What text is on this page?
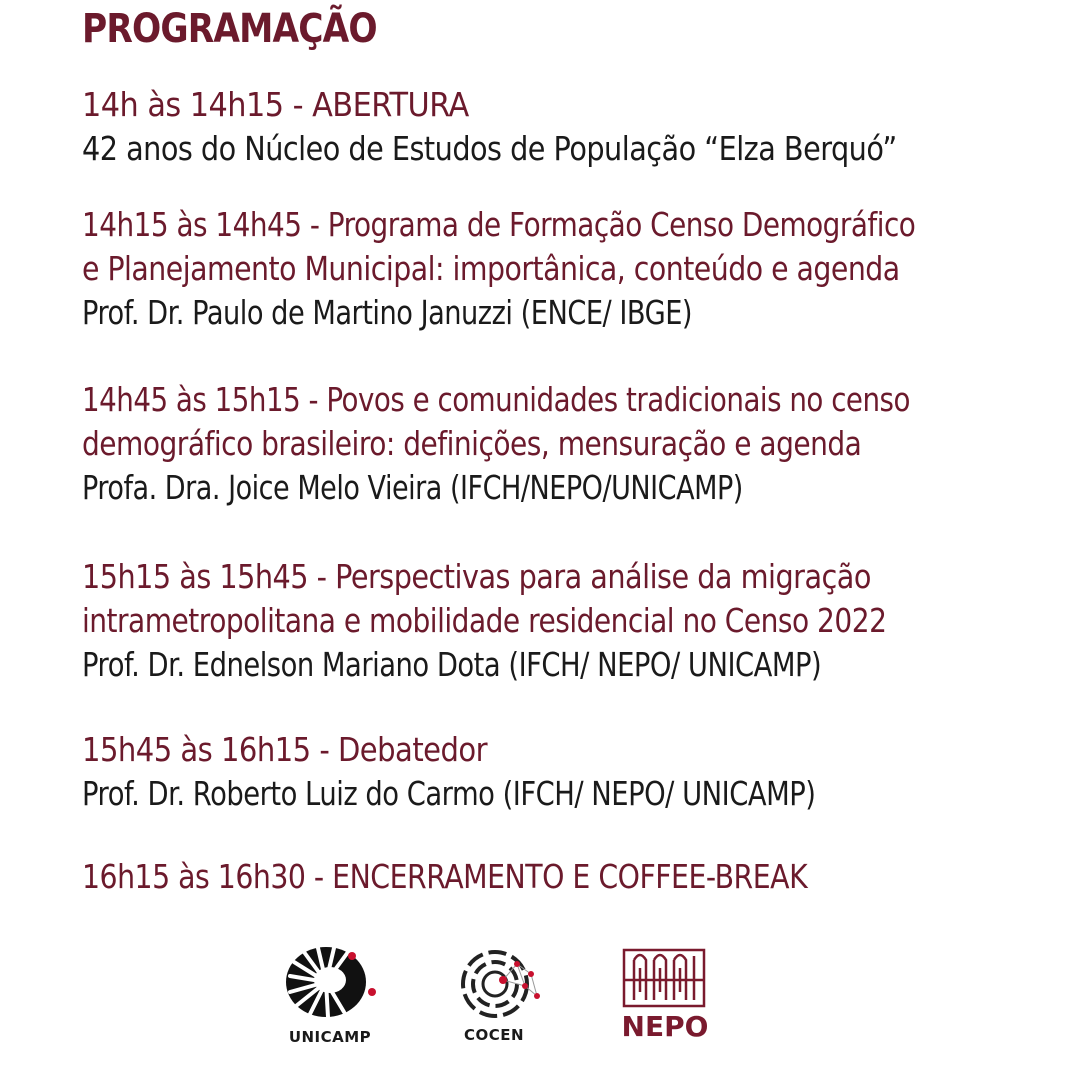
PROGRAMAÇÃO
14h às 14h15 - ABERTURA
42 anos do Núcleo de Estudos de População “Elza Berquó”
14h15 às 14h45 - Programa de Formação Censo Demográfico
e Planejamento Municipal: importânica, conteúdo e agenda
Prof. Dr. Paulo de Martino Januzzi (ENCE/ IBGE)
14h45 às 15h15 - Povos e comunidades tradicionais no censo
demográfico brasileiro: definições, mensuração e agenda
Profa. Dra. Joice Melo Vieira (IFCH/NEPO/UNICAMP)
15h15 às 15h45 - Perspectivas para análise da migração
intrametropolitana e mobilidade residencial no Censo 2022
Prof. Dr. Ednelson Mariano Dota (IFCH/ NEPO/ UNICAMP)
15h45 às 16h15 - Debatedor
Prof. Dr. Roberto Luiz do Carmo (IFCH/ NEPO/ UNICAMP)
16h15 às 16h30 - ENCERRAMENTO E COFFEE-BREAK
UNICAMP	COCEN	NEPO
